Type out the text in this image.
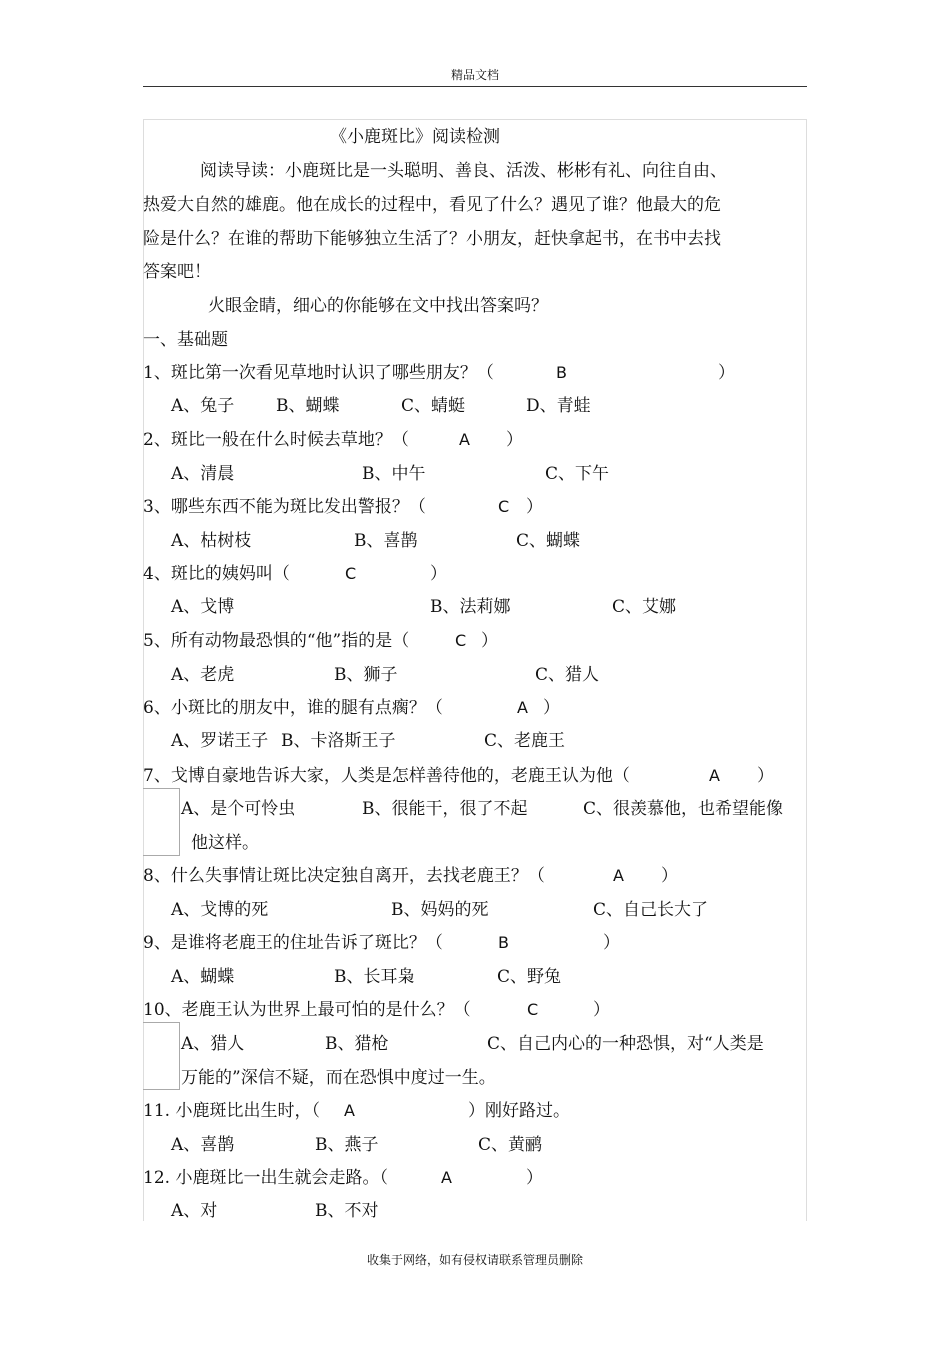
精品文档
《小鹿斑比》阅读检测
阅读导读：小鹿斑比是一头聪明、善良、活泼、彬彬有礼、向往自由、
热爱大自然的雄鹿。他在成长的过程中，看见了什么？遇见了谁？他最大的危
险是什么？在谁的帮助下能够独立生活了？小朋友，赶快拿起书，在书中去找
答案吧！
火眼金睛，细心的你能够在文中找出答案吗？
一、基础题
1、斑比第一次看见草地时认识了哪些朋友？（	B	）
A、兔子 B、蝴蝶	C、蜻蜓	D、青蛙
2、斑比一般在什么时候去草地？（	A ）
A、清晨	B、中午	C、下午
3、哪些东西不能为斑比发出警报？（	C ）
A、枯树枝	B、喜鹊	C、蝴蝶
4、斑比的姨妈叫（	C	）
A、戈博	B、法莉娜	C、艾娜
5、所有动物最恐惧的“他”指的是（	C ）
A、老虎	B、狮子	C、猎人
6、小斑比的朋友中，谁的腿有点瘸？（	A ）
A、罗诺王子 B、卡洛斯王子	C、老鹿王
7、戈博自豪地告诉大家，人类是怎样善待他的，老鹿王认为他（	A ）
A、是个可怜虫	B、很能干，很了不起	C、很羡慕他，也希望能像
他这样。
8、什么失事情让斑比决定独自离开，去找老鹿王？（	A ）
A、戈博的死	B、妈妈的死	C、自己长大了
9、是谁将老鹿王的住址告诉了斑比？（	B	）
A、蝴蝶	B、长耳枭	C、野兔
10、老鹿王认为世界上最可怕的是什么？（	C	）
A、猎人	B、猎枪	C、自己内心的一种恐惧，对“人类是
万能的”深信不疑，而在恐惧中度过一生。
11. 小鹿斑比出生时，（ A	）刚好路过。
A、喜鹊	B、燕子	C、黄鹂
12. 小鹿斑比一出生就会走路。（	A	）
A、对	B、不对
收集于网络，如有侵权请联系管理员删除
